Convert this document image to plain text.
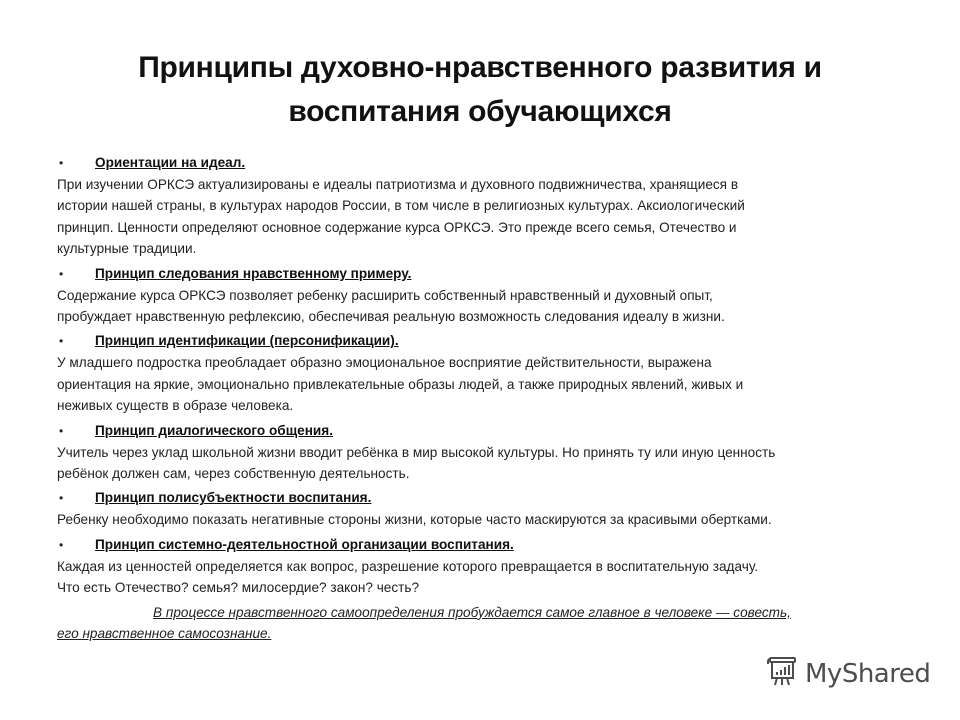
Принципы духовно-нравственного развития и
воспитания обучающихся
• Ориентации на идеал.
При изучении ОРКСЭ актуализированы е идеалы патриотизма и духовного подвижничества, хранящиеся в
истории нашей страны, в культурах народов России, в том числе в религиозных культурах. Аксиологический
принцип. Ценности определяют основное содержание курса ОРКСЭ. Это прежде всего семья, Отечество и
культурные традиции.
• Принцип следования нравственному примеру.
Содержание курса ОРКСЭ позволяет ребенку расширить собственный нравственный и духовный опыт,
пробуждает нравственную рефлексию, обеспечивая реальную возможность следования идеалу в жизни.
• Принцип идентификации (персонификации).
У младшего подростка преобладает образно эмоциональное восприятие действительности, выражена
ориентация на яркие, эмоционально привлекательные образы людей, а также природных явлений, живых и
неживых существ в образе человека.
• Принцип диалогического общения.
Учитель через уклад школьной жизни вводит ребёнка в мир высокой культуры. Но принять ту или иную ценность
ребёнок должен сам, через собственную деятельность.
• Принцип полисубъектности воспитания.
Ребенку необходимо показать негативные стороны жизни, которые часто маскируются за красивыми обертками.
• Принцип системно-деятельностной организации воспитания.
Каждая из ценностей определяется как вопрос, разрешение которого превращается в воспитательную задачу.
Что есть Отечество? семья? милосердие? закон? честь?
В процессе нравственного самоопределения пробуждается самое главное в человеке — совесть,
его нравственное самосознание.
MyShared
